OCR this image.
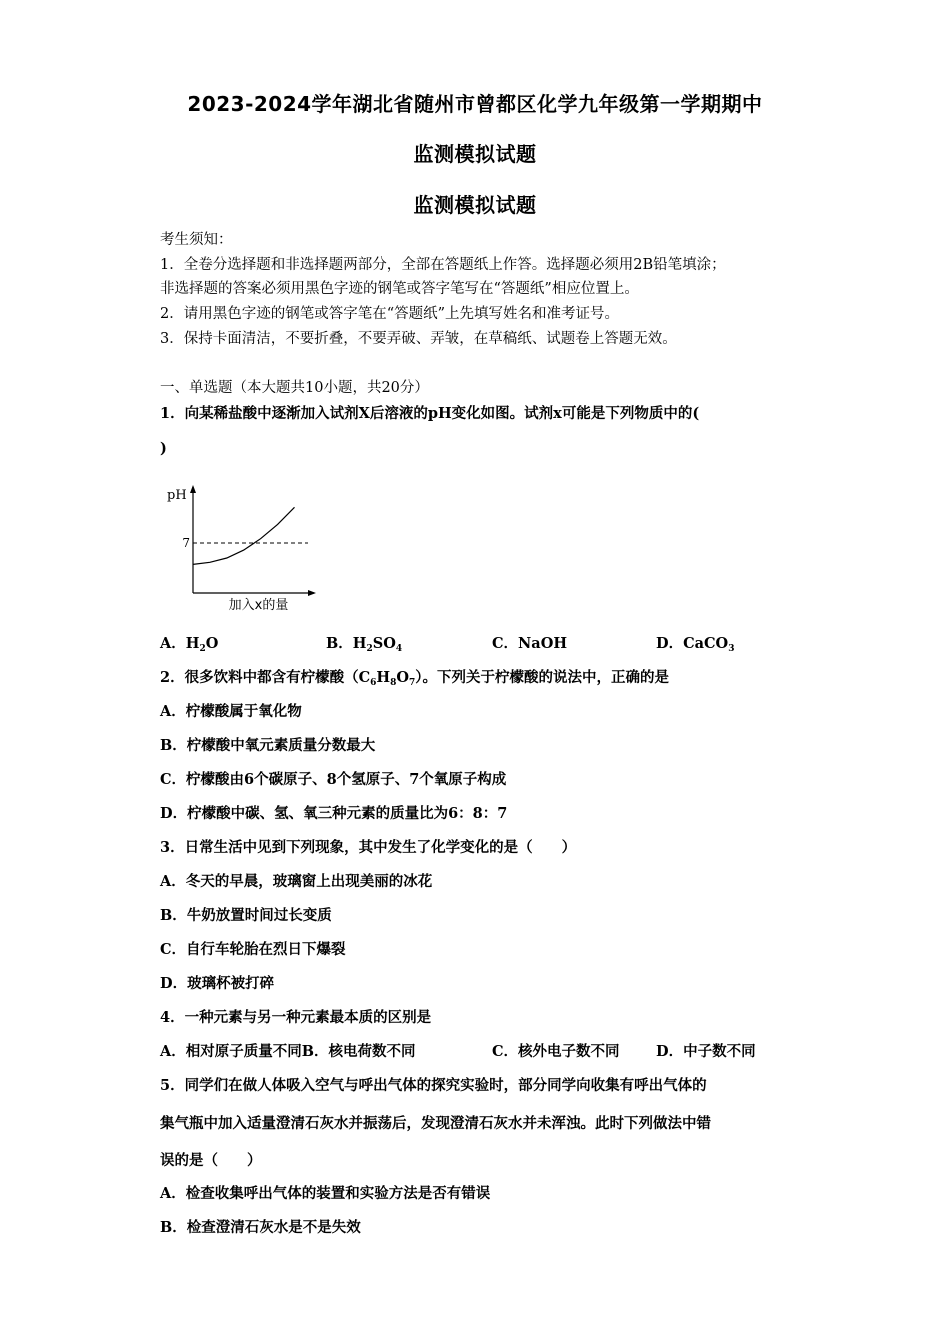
2023-2024学年湖北省随州市曾都区化学九年级第一学期期中
监测模拟试题
监测模拟试题
考生须知：
1．全卷分选择题和非选择题两部分，全部在答题纸上作答。选择题必须用2B铅笔填涂；
非选择题的答案必须用黑色字迹的钢笔或答字笔写在“答题纸”相应位置上。
2．请用黑色字迹的钢笔或答字笔在“答题纸”上先填写姓名和准考证号。
3．保持卡面清洁，不要折叠，不要弄破、弄皱，在草稿纸、试题卷上答题无效。
一、单选题（本大题共10小题，共20分）
1．向某稀盐酸中逐渐加入试剂X后溶液的pH变化如图。试剂x可能是下列物质中的(
)
pH
7
加入x的量
A．$H_2O$	B．$H_2SO_4$	C．NaOH	D．CaCO$_3$
2．很多饮料中都含有柠檬酸$(C_6H_8O_7)$。下列关于柠檬酸的说法中，正确的是
A．柠檬酸属于氧化物
B．柠檬酸中氧元素质量分数最大
C．柠檬酸由6个碳原子、8个氢原子、7个氧原子构成
D．柠檬酸中碳、氢、氧三种元素的质量比为6：8：7
3．日常生活中见到下列现象，其中发生了化学变化的是（　　）
A．冬天的早晨，玻璃窗上出现美丽的冰花
B．牛奶放置时间过长变质
C．自行车轮胎在烈日下爆裂
D．玻璃杯被打碎
4．一种元素与另一种元素最本质的区别是
A．相对原子质量不同B．核电荷数不同	C．核外电子数不同	D．中子数不同
5．同学们在做人体吸入空气与呼出气体的探究实验时，部分同学向收集有呼出气体的
集气瓶中加入适量澄清石灰水并振荡后，发现澄清石灰水并未浑浊。此时下列做法中错
误的是（　　）
A．检查收集呼出气体的装置和实验方法是否有错误
B．检查澄清石灰水是不是失效
